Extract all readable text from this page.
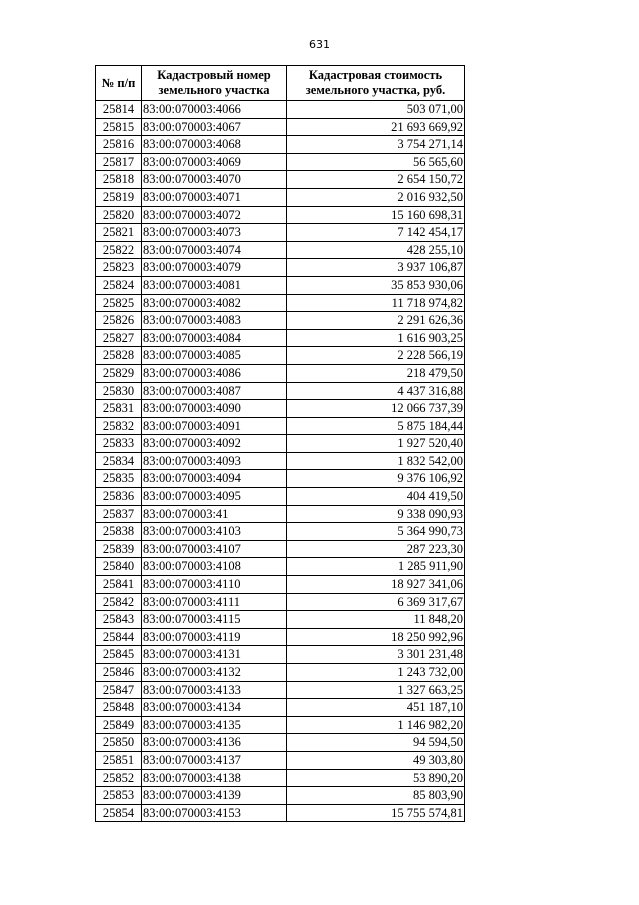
631
№ п/п	Кадастровый номер земельного участка	Кадастровая стоимость земельного участка, руб.
25814	83:00:070003:4066	503 071,00
25815	83:00:070003:4067	21 693 669,92
25816	83:00:070003:4068	3 754 271,14
25817	83:00:070003:4069	56 565,60
25818	83:00:070003:4070	2 654 150,72
25819	83:00:070003:4071	2 016 932,50
25820	83:00:070003:4072	15 160 698,31
25821	83:00:070003:4073	7 142 454,17
25822	83:00:070003:4074	428 255,10
25823	83:00:070003:4079	3 937 106,87
25824	83:00:070003:4081	35 853 930,06
25825	83:00:070003:4082	11 718 974,82
25826	83:00:070003:4083	2 291 626,36
25827	83:00:070003:4084	1 616 903,25
25828	83:00:070003:4085	2 228 566,19
25829	83:00:070003:4086	218 479,50
25830	83:00:070003:4087	4 437 316,88
25831	83:00:070003:4090	12 066 737,39
25832	83:00:070003:4091	5 875 184,44
25833	83:00:070003:4092	1 927 520,40
25834	83:00:070003:4093	1 832 542,00
25835	83:00:070003:4094	9 376 106,92
25836	83:00:070003:4095	404 419,50
25837	83:00:070003:41	9 338 090,93
25838	83:00:070003:4103	5 364 990,73
25839	83:00:070003:4107	287 223,30
25840	83:00:070003:4108	1 285 911,90
25841	83:00:070003:4110	18 927 341,06
25842	83:00:070003:4111	6 369 317,67
25843	83:00:070003:4115	11 848,20
25844	83:00:070003:4119	18 250 992,96
25845	83:00:070003:4131	3 301 231,48
25846	83:00:070003:4132	1 243 732,00
25847	83:00:070003:4133	1 327 663,25
25848	83:00:070003:4134	451 187,10
25849	83:00:070003:4135	1 146 982,20
25850	83:00:070003:4136	94 594,50
25851	83:00:070003:4137	49 303,80
25852	83:00:070003:4138	53 890,20
25853	83:00:070003:4139	85 803,90
25854	83:00:070003:4153	15 755 574,81
